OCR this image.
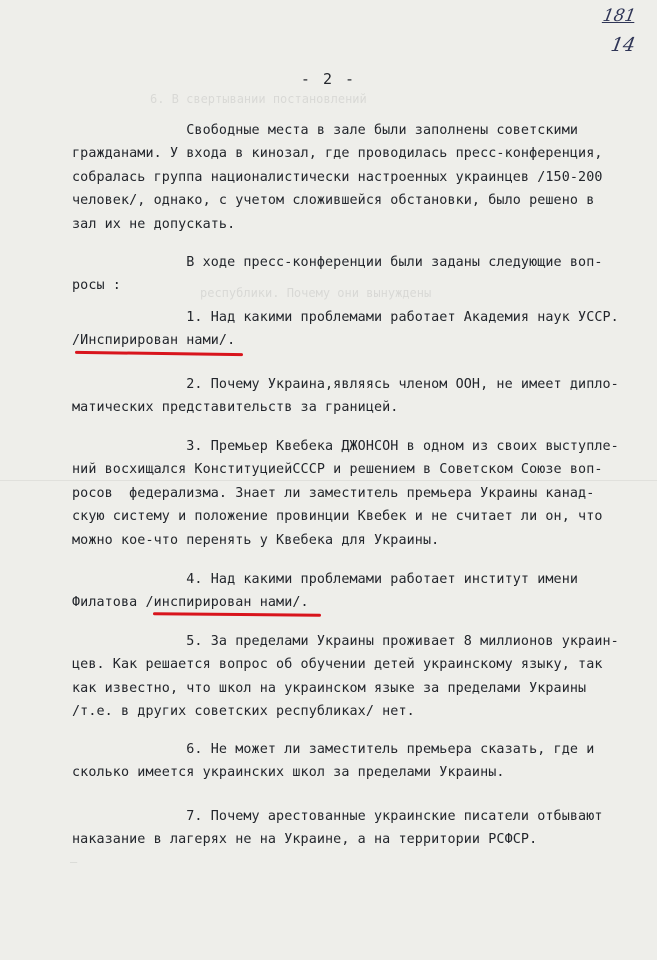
6. В свертывании постановлений
республики. Почему они вынуждены
—
181
14
- 2 -
Свободные места в зале были заполнены советскими
гражданами. У входа в кинозал, где проводилась пресс-конференция,
собралась группа националистически настроенных украинцев /150-200
человек/, однако, с учетом сложившейся обстановки, было решено в
зал их не допускать.
В ходе пресс-конференции были заданы следующие воп-
росы :
1. Над какими проблемами работает Академия наук УССР.
/Инспирирован нами/.
2. Почему Украина,являясь членом ООН, не имеет дипло-
матических представительств за границей.
3. Премьер Квебека ДЖОНСОН в одном из своих выступле-
ний восхищался КонституциейСССР и решением в Советском Союзе воп-
росов  федерализма. Знает ли заместитель премьера Украины канад-
скую систему и положение провинции Квебек и не считает ли он, что
можно кое-что перенять у Квебека для Украины.
4. Над какими проблемами работает институт имени
Филатова /инспирирован нами/.
5. За пределами Украины проживает 8 миллионов украин-
цев. Как решается вопрос об обучении детей украинскому языку, так
как известно, что школ на украинском языке за пределами Украины
/т.е. в других советских республиках/ нет.
6. Не может ли заместитель премьера сказать, где и
сколько имеется украинских школ за пределами Украины.
7. Почему арестованные украинские писатели отбывают
наказание в лагерях не на Украине, а на территории РСФСР.
